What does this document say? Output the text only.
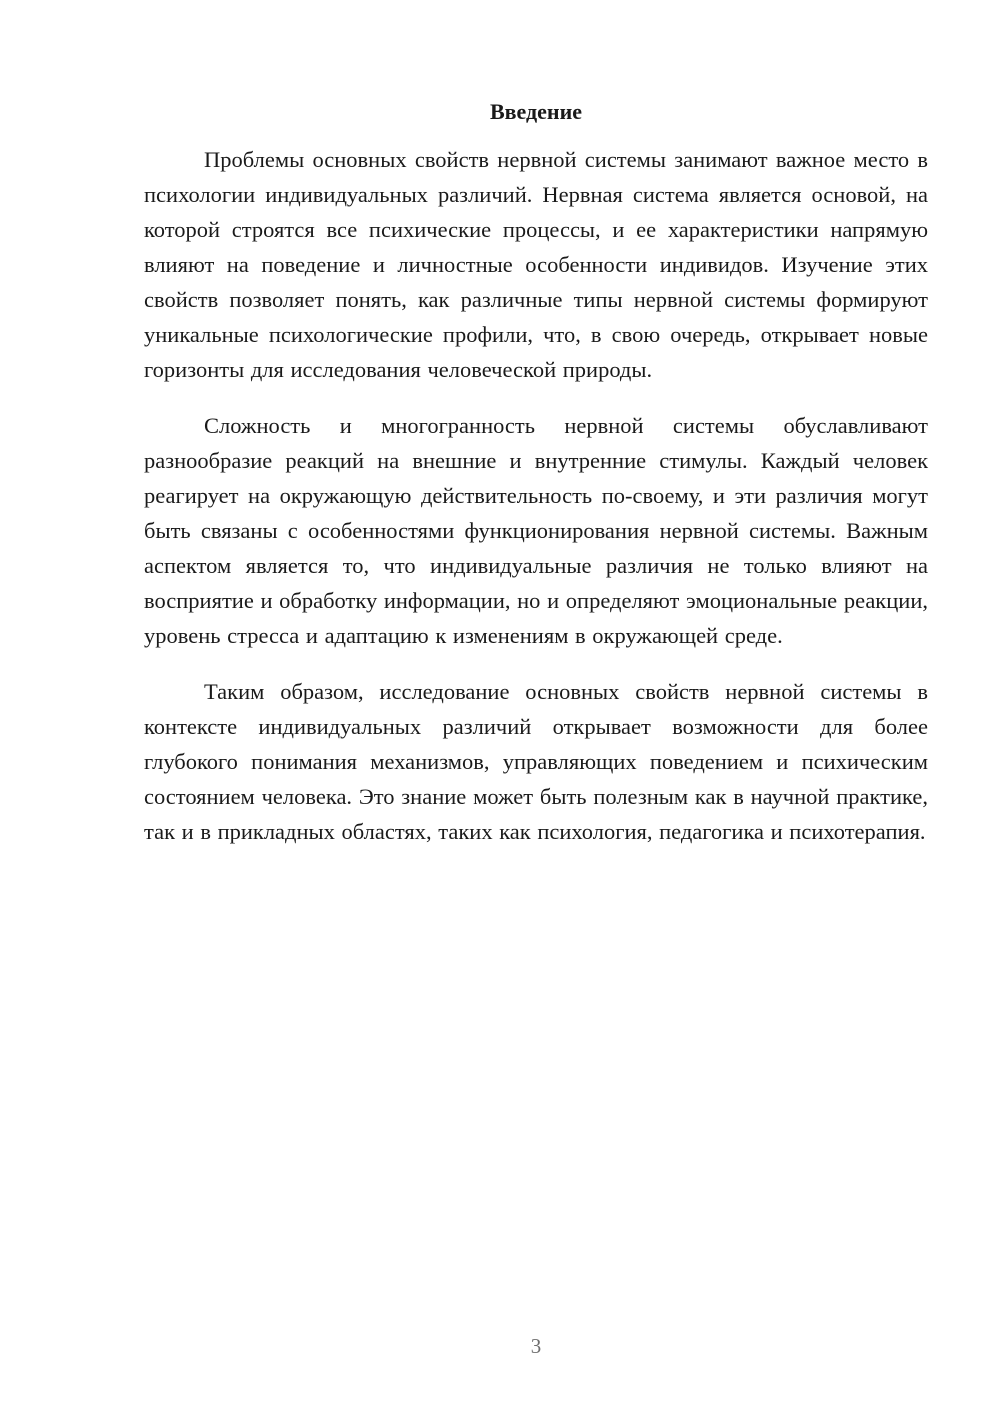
Введение

Проблемы основных свойств нервной системы занимают важное место в психологии индивидуальных различий. Нервная система является основой, на которой строятся все психические процессы, и ее характеристики напрямую влияют на поведение и личностные особенности индивидов. Изучение этих свойств позволяет понять, как различные типы нервной системы формируют уникальные психологические профили, что, в свою очередь, открывает новые горизонты для исследования человеческой природы.

Сложность и многогранность нервной системы обуславливают разнообразие реакций на внешние и внутренние стимулы. Каждый человек реагирует на окружающую действительность по-своему, и эти различия могут быть связаны с особенностями функционирования нервной системы. Важным аспектом является то, что индивидуальные различия не только влияют на восприятие и обработку информации, но и определяют эмоциональные реакции, уровень стресса и адаптацию к изменениям в окружающей среде.

Таким образом, исследование основных свойств нервной системы в контексте индивидуальных различий открывает возможности для более глубокого понимания механизмов, управляющих поведением и психическим состоянием человека. Это знание может быть полезным как в научной практике, так и в прикладных областях, таких как психология, педагогика и психотерапия.

3
